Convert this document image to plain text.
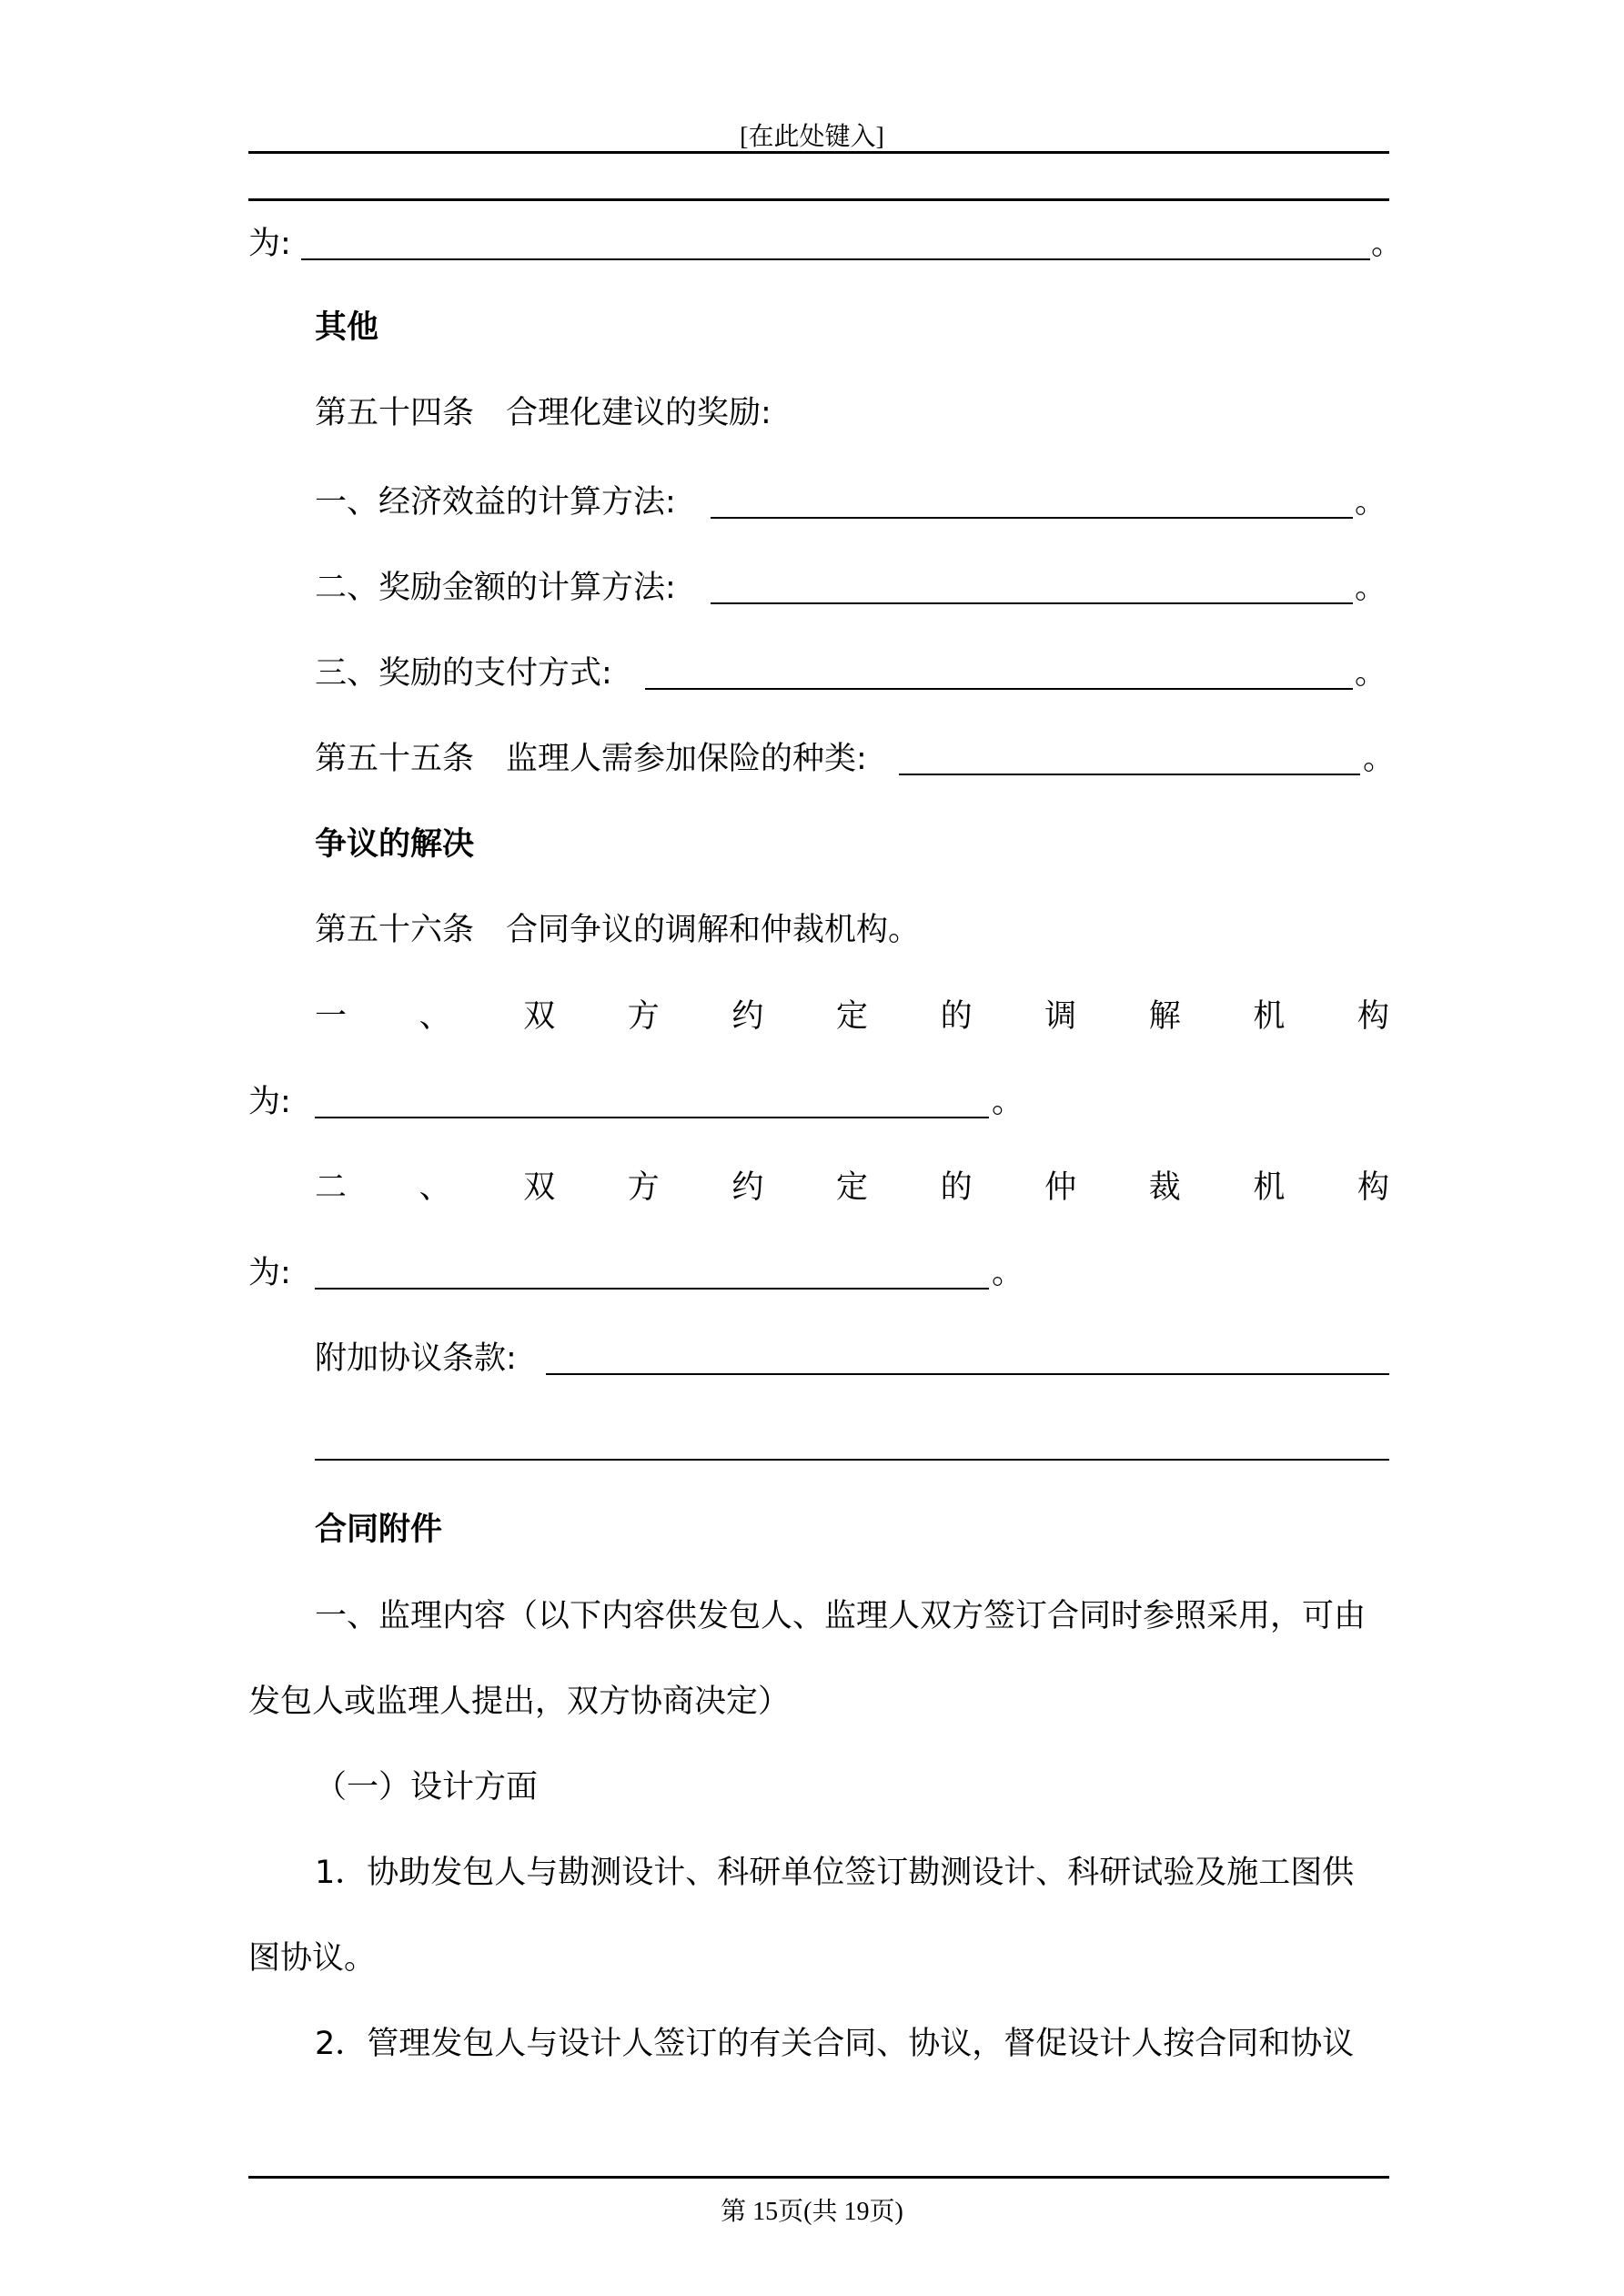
[在此处键入]
为:	。
其他
第五十四条　合理化建议的奖励:
一、经济效益的计算方法:	。
二、奖励金额的计算方法:	。
三、奖励的支付方式:	。
第五十五条　监理人需参加保险的种类:	。
争议的解决
第五十六条　合同争议的调解和仲裁机构。
一 、 双 方 约 定 的 调 解 机 构
为:	。
二 、 双 方 约 定 的 仲 裁 机 构
为:	。
附加协议条款:
合同附件
一、监理内容（以下内容供发包人、监理人双方签订合同时参照采用，可由
发包人或监理人提出，双方协商决定）
（一）设计方面
1．协助发包人与勘测设计、科研单位签订勘测设计、科研试验及施工图供
图协议。
2．管理发包人与设计人签订的有关合同、协议，督促设计人按合同和协议
第 15页(共 19页)
